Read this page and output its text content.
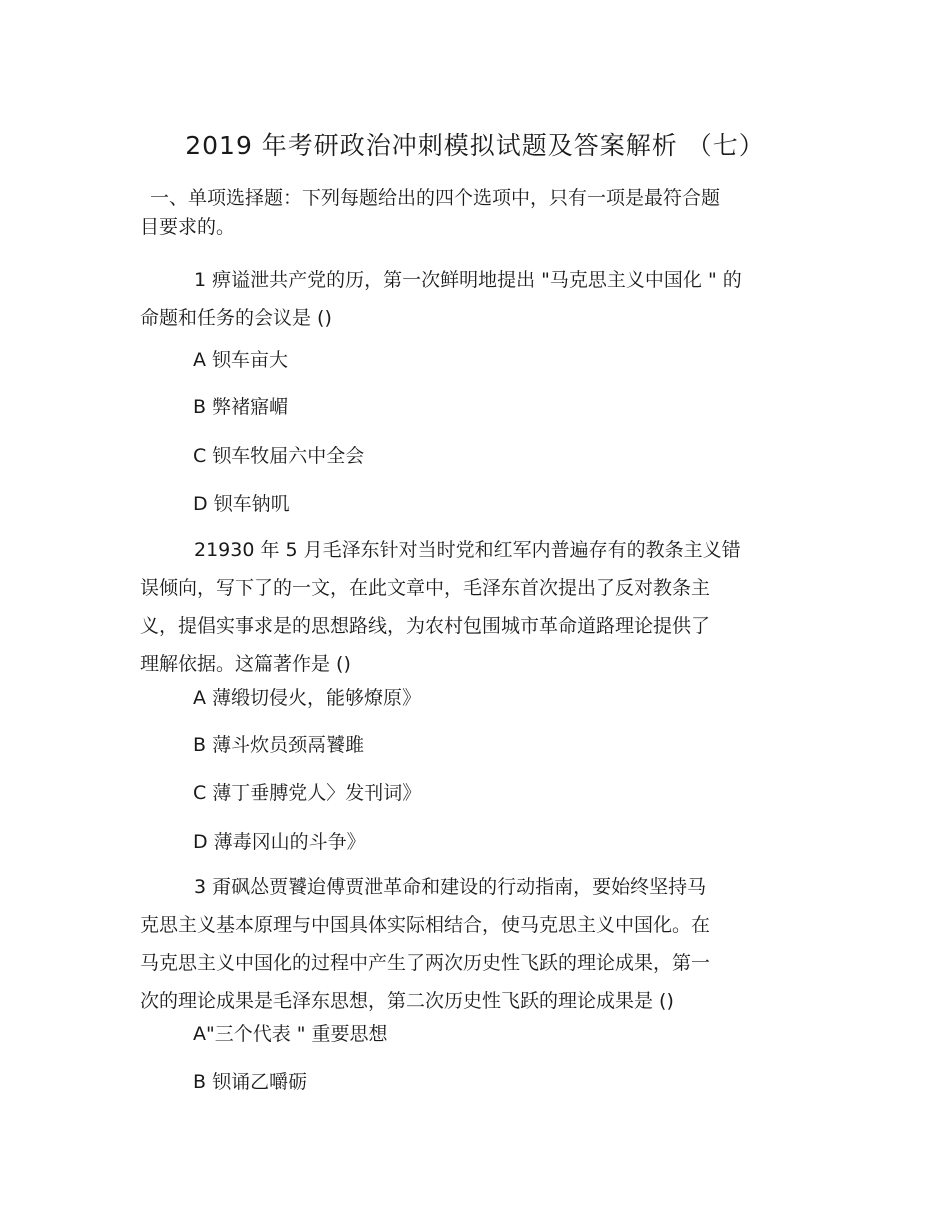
2019 年考研政治冲刺模拟试题及答案解析 （七）
一、单项选择题：下列每题给出的四个选项中，只有一项是最符合题
目要求的。
1 痹谥泄共产党的历，第一次鲜明地提出 "马克思主义中国化 " 的
命题和任务的会议是 ()
A 钡车亩大
B 弊褚寤嵋
C 钡车牧届六中全会
D 钡车钠叽
21930 年 5 月毛泽东针对当时党和红军内普遍存有的教条主义错
误倾向，写下了的一文，在此文章中，毛泽东首次提出了反对教条主
义，提倡实事求是的思想路线，为农村包围城市革命道路理论提供了
理解依据。这篇著作是 ()
A 薄缎切侵火，能够燎原》
B 薄斗炊员颈鬲饕雎
C 薄丁垂膊党人〉发刊词》
D 薄毒冈山的斗争》
3 甭砜怂贾饕迨傅贾泄革命和建设的行动指南，要始终坚持马
克思主义基本原理与中国具体实际相结合，使马克思主义中国化。在
马克思主义中国化的过程中产生了两次历史性飞跃的理论成果，第一
次的理论成果是毛泽东思想，第二次历史性飞跃的理论成果是 ()
A"三个代表 " 重要思想
B 钡诵乙嚼砺
